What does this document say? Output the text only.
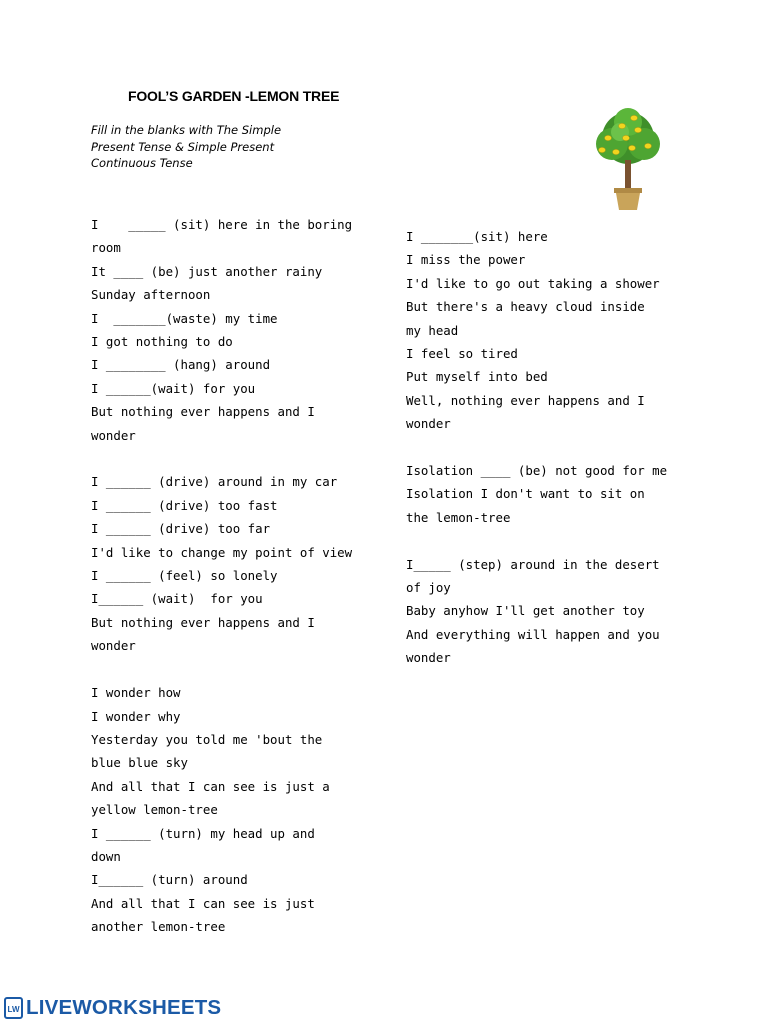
FOOL’S GARDEN -LEMON TREE
Fill in the blanks with The Simple
Present Tense & Simple Present
Continuous Tense
I    _____ (sit) here in the boring
room
It ____ (be) just another rainy
Sunday afternoon
I  _______(waste) my time
I got nothing to do
I ________ (hang) around
I ______(wait) for you
But nothing ever happens and I
wonder
I ______ (drive) around in my car
I ______ (drive) too fast
I ______ (drive) too far
I'd like to change my point of view
I ______ (feel) so lonely
I______ (wait)  for you
But nothing ever happens and I
wonder
I wonder how
I wonder why
Yesterday you told me 'bout the
blue blue sky
And all that I can see is just a
yellow lemon-tree
I ______ (turn) my head up and
down
I______ (turn) around
And all that I can see is just
another lemon-tree
I _______(sit) here
I miss the power
I'd like to go out taking a shower
But there's a heavy cloud inside
my head
I feel so tired
Put myself into bed
Well, nothing ever happens and I
wonder
Isolation ____ (be) not good for me
Isolation I don't want to sit on
the lemon-tree
I_____ (step) around in the desert
of joy
Baby anyhow I'll get another toy
And everything will happen and you
wonder
LW LIVEWORKSHEETS
